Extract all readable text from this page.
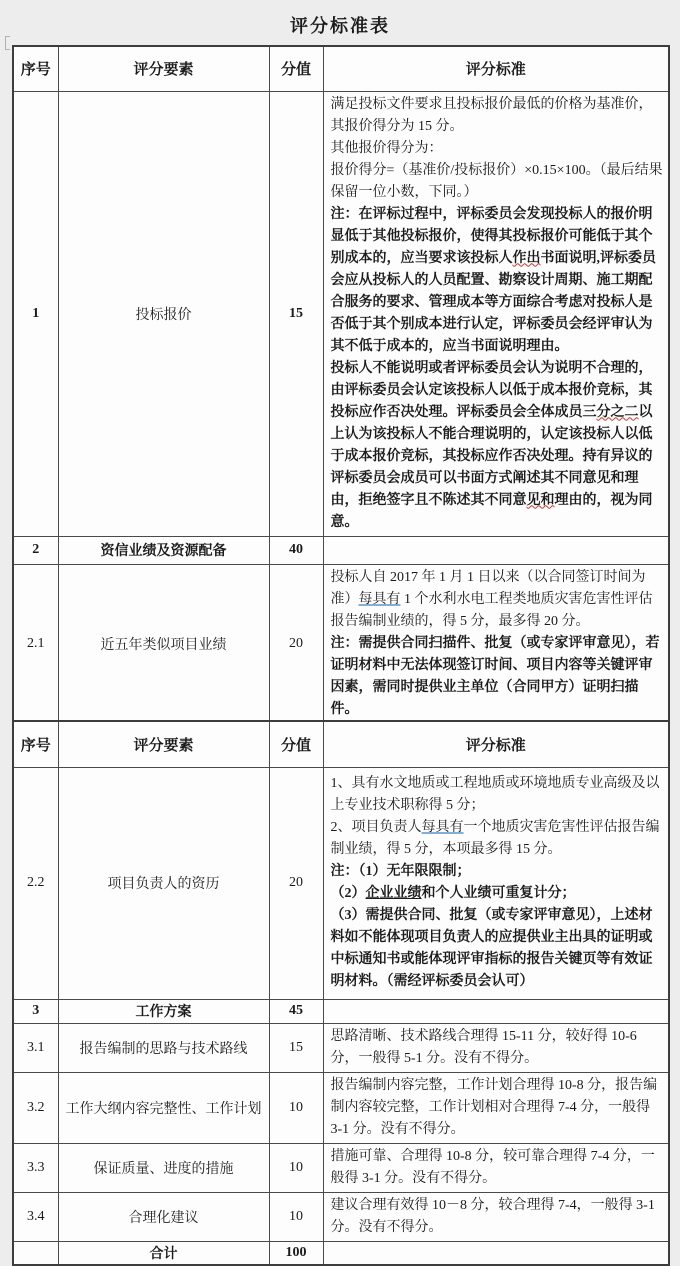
评分标准表
序号	评分要素	分值	评分标准
1	投标报价	15	满足投标文件要求且投标报价最低的价格为基准价，其报价得分为 15 分。
其他报价得分为：
报价得分=（基准价/投标报价）×0.15×100。（最后结果保留一位小数，下同。）
注：在评标过程中，评标委员会发现投标人的报价明显低于其他投标报价，使得其投标报价可能低于其个别成本的，应当要求该投标人作出书面说明,评标委员会应从投标人的人员配置、勘察设计周期、施工期配合服务的要求、管理成本等方面综合考虑对投标人是否低于其个别成本进行认定，评标委员会经评审认为其不低于成本的，应当书面说明理由。
投标人不能说明或者评标委员会认为说明不合理的，由评标委员会认定该投标人以低于成本报价竞标，其投标应作否决处理。评标委员会全体成员三分之二以上认为该投标人不能合理说明的，认定该投标人以低于成本报价竞标，其投标应作否决处理。持有异议的评标委员会成员可以书面方式阐述其不同意见和理由，拒绝签字且不陈述其不同意见和理由的，视为同意。

2	资信业绩及资源配备	40	
2.1	近五年类似项目业绩	20	投标人自 2017 年 1 月 1 日以来（以合同签订时间为准）每具有 1 个水利水电工程类地质灾害危害性评估报告编制业绩的，得 5 分，最多得 20 分。
注：需提供合同扫描件、批复（或专家评审意见），若证明材料中无法体现签订时间、项目内容等关键评审因素，需同时提供业主单位（合同甲方）证明扫描件。
序号	评分要素	分值	评分标准
2.2	项目负责人的资历	20	1、具有水文地质或工程地质或环境地质专业高级及以上专业技术职称得 5 分；
2、项目负责人每具有一个地质灾害危害性评估报告编制业绩，得 5 分，本项最多得 15 分。
注：（1）无年限限制；
（2）企业业绩和个人业绩可重复计分；
（3）需提供合同、批复（或专家评审意见），上述材料如不能体现项目负责人的应提供业主出具的证明或中标通知书或能体现评审指标的报告关键页等有效证明材料。（需经评标委员会认可）

3	工作方案	45	
3.1	报告编制的思路与技术路线	15	思路清晰、技术路线合理得 15-11 分，较好得 10-6 分，一般得 5-1 分。没有不得分。

3.2	工作大纲内容完整性、工作计划	10	报告编制内容完整，工作计划合理得 10-8 分，报告编制内容较完整，工作计划相对合理得 7-4 分，一般得 3-1 分。没有不得分。

3.3	保证质量、进度的措施	10	措施可靠、合理得 10-8 分，较可靠合理得 7-4 分，一般得 3-1 分。没有不得分。

3.4	合理化建议	10	建议合理有效得 10－8 分，较合理得 7-4，一般得 3-1 分。没有不得分。

	合计	100	
